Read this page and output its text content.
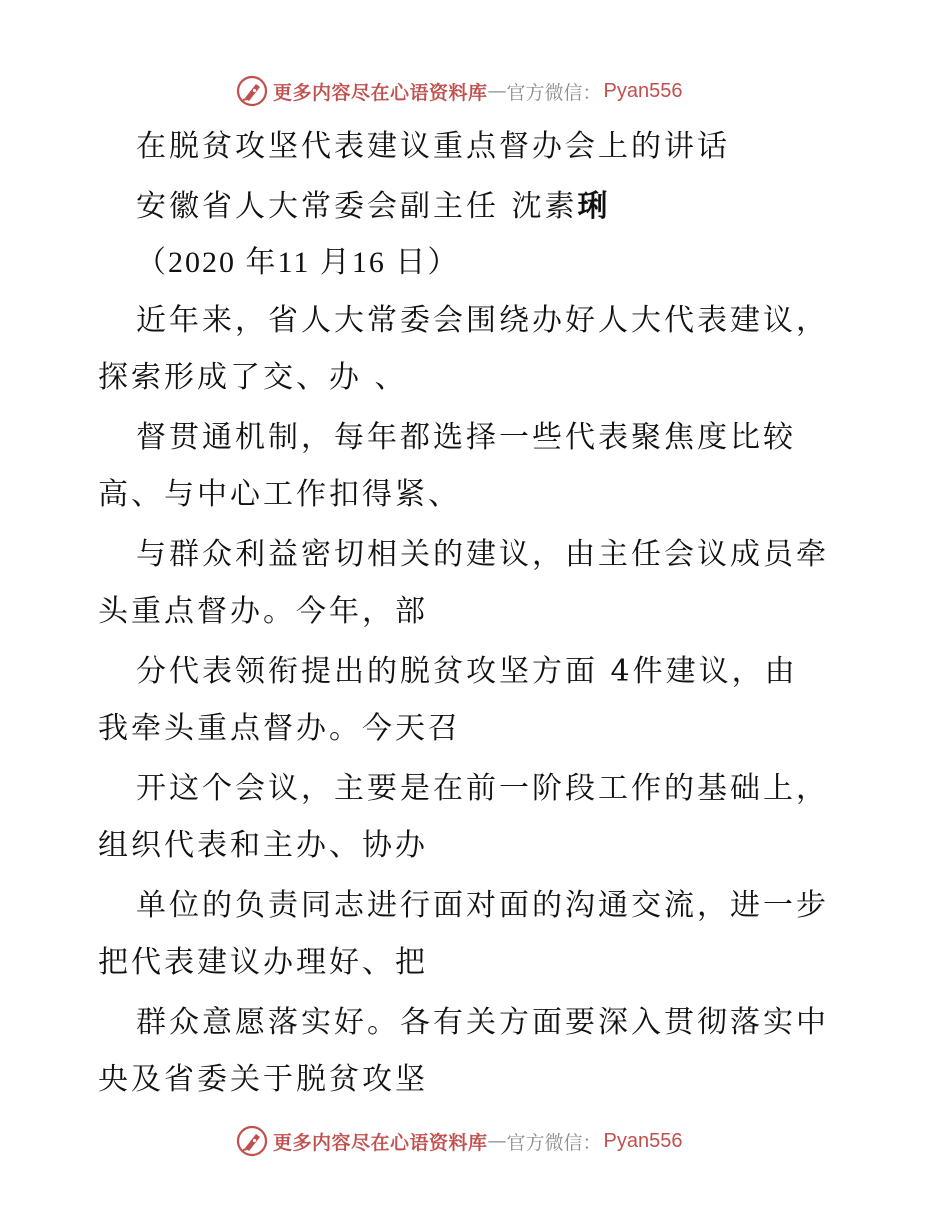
更多内容尽在心语资料库 — 官方微信： Pyan556
在脱贫攻坚代表建议重点督办会上的讲话
安徽省人大常委会副主任 沈素琍
（2020 年11 月16 日）
近年来，省人大常委会围绕办好人大代表建议，
探索形成了交、办 、
督贯通机制，每年都选择一些代表聚焦度比较
高、与中心工作扣得紧、
与群众利益密切相关的建议，由主任会议成员牵
头重点督办。今年，部
分代表领衔提出的脱贫攻坚方面 4件建议，由
我牵头重点督办。今天召
开这个会议，主要是在前一阶段工作的基础上，
组织代表和主办、协办
单位的负责同志进行面对面的沟通交流，进一步
把代表建议办理好、把
群众意愿落实好。各有关方面要深入贯彻落实中
央及省委关于脱贫攻坚
更多内容尽在心语资料库 — 官方微信： Pyan556
